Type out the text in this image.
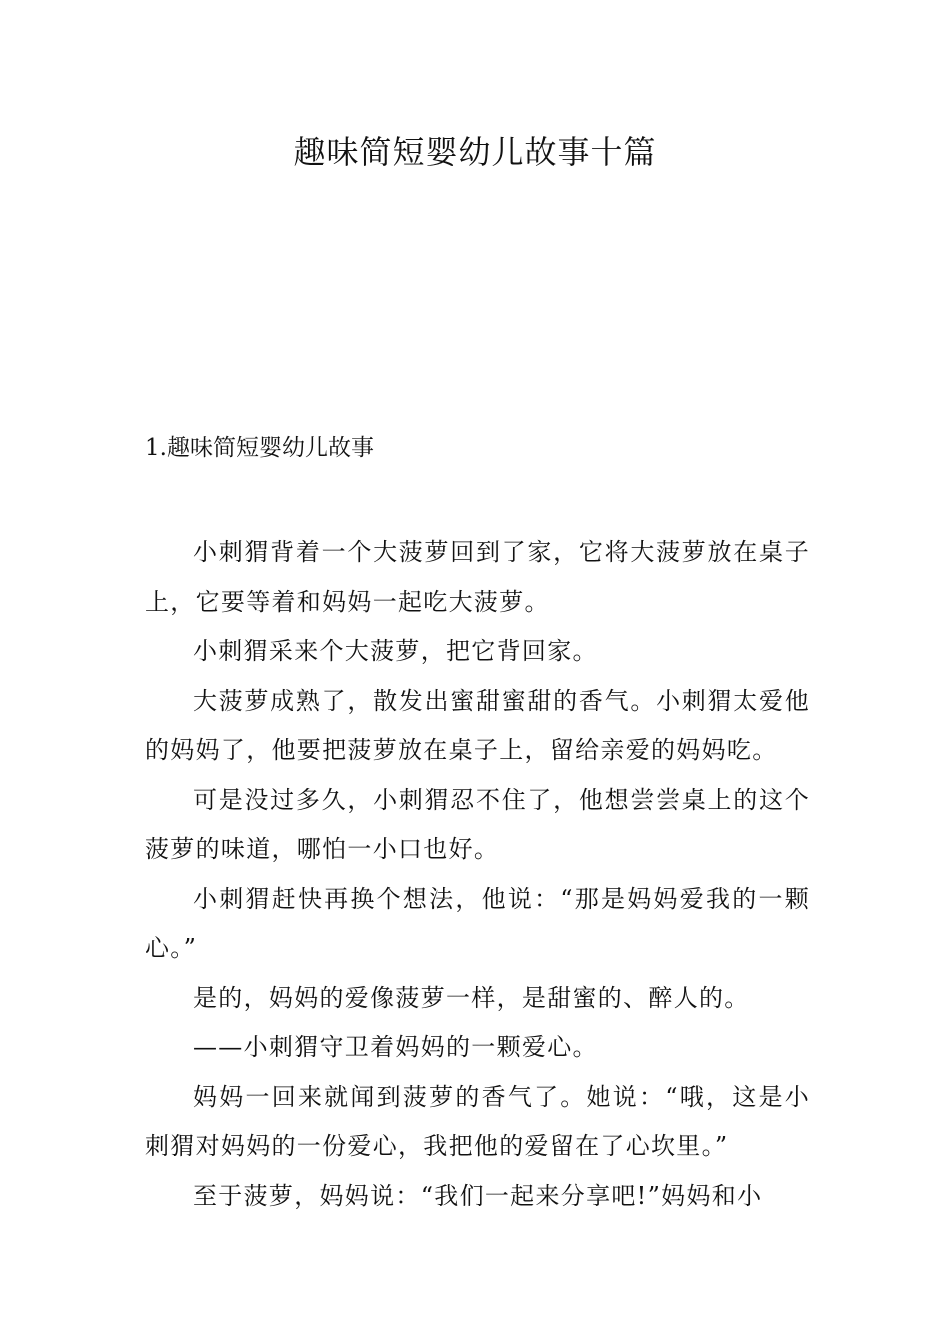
趣味简短婴幼儿故事十篇
1.趣味简短婴幼儿故事

小刺猬背着一个大菠萝回到了家，它将大菠萝放在桌子上，它要等着和妈妈一起吃大菠萝。

小刺猬采来个大菠萝，把它背回家。

大菠萝成熟了，散发出蜜甜蜜甜的香气。小刺猬太爱他的妈妈了，他要把菠萝放在桌子上，留给亲爱的妈妈吃。

可是没过多久，小刺猬忍不住了，他想尝尝桌上的这个菠萝的味道，哪怕一小口也好。

小刺猬赶快再换个想法，他说：“那是妈妈爱我的一颗心。”

是的，妈妈的爱像菠萝一样，是甜蜜的、醉人的。

——小刺猬守卫着妈妈的一颗爱心。

妈妈一回来就闻到菠萝的香气了。她说：“哦，这是小刺猬对妈妈的一份爱心，我把他的爱留在了心坎里。”

至于菠萝，妈妈说：“我们一起来分享吧!”妈妈和小
